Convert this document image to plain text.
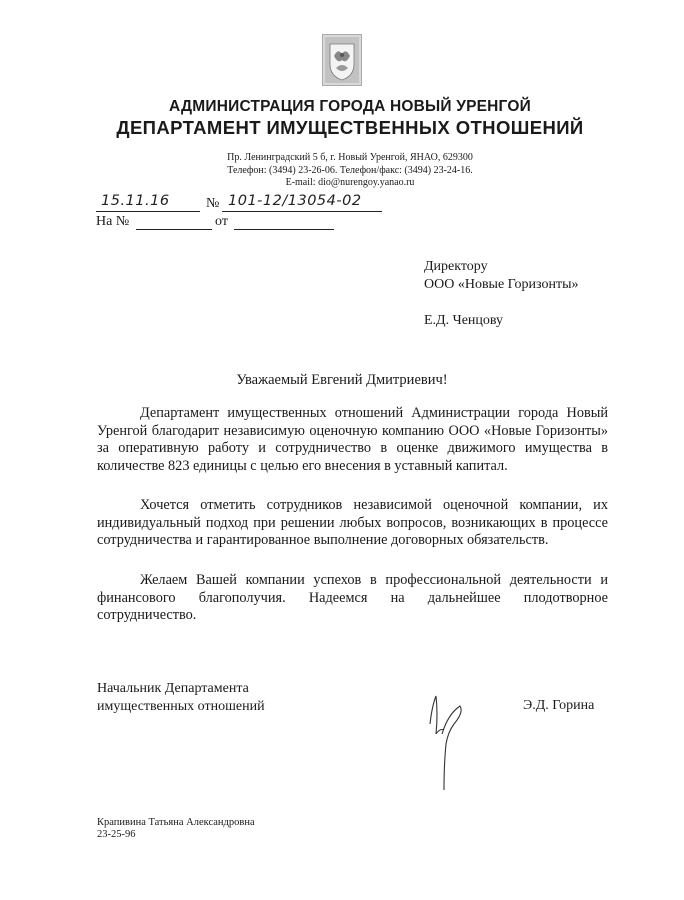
АДМИНИСТРАЦИЯ ГОРОДА НОВЫЙ УРЕНГОЙ
ДЕПАРТАМЕНТ ИМУЩЕСТВЕННЫХ ОТНОШЕНИЙ
Пр. Ленинградский 5 б, г. Новый Уренгой, ЯНАО, 629300
Телефон: (3494) 23-26-06. Телефон/факс: (3494) 23-24-16.
E-mail: dio@nurengoy.yanao.ru
15.11.16	№ 101-12/13054-02
На №	от
Директору
ООО «Новые Горизонты»
Е.Д. Ченцову
Уважаемый Евгений Дмитриевич!
Департамент имущественных отношений Администрации города Новый Уренгой благодарит независимую оценочную компанию ООО «Новые Горизонты» за оперативную работу и сотрудничество в оценке движимого имущества в количестве 823 единицы с целью его внесения в уставный капитал.
Хочется отметить сотрудников независимой оценочной компании, их индивидуальный подход при решении любых вопросов, возникающих в процессе сотрудничества и гарантированное выполнение договорных обязательств.
Желаем Вашей компании успехов в профессиональной деятельности и финансового благополучия. Надеемся на дальнейшее плодотворное сотрудничество.
Начальник Департамента
имущественных отношений	Э.Д. Горина
Крапивина Татьяна Александровна
23-25-96
